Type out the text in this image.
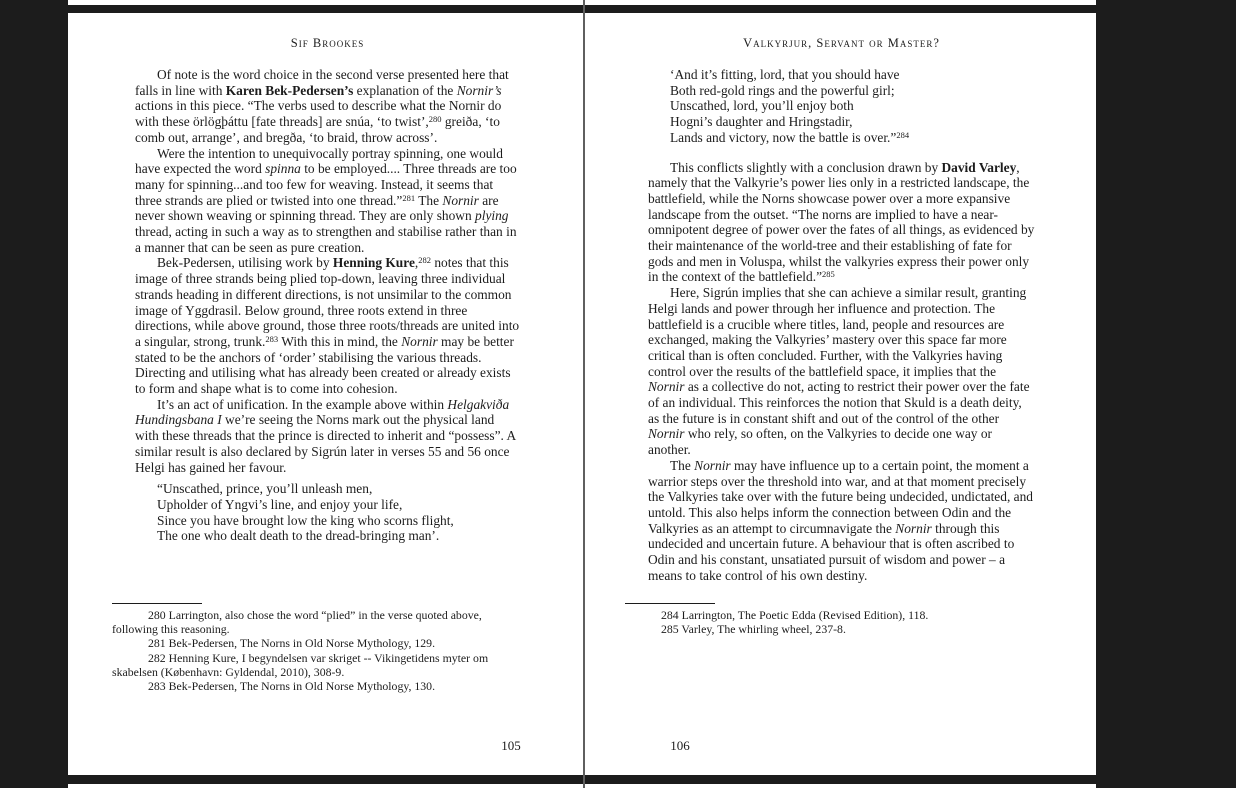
Sif Brookes	Valkyrjur, Servant or Master?

Of note is the word choice in the second verse presented here that falls in line with Karen Bek-Pedersen’s explanation of the Nornir’s actions in this piece. “The verbs used to describe what the Nornir do with these örlögþáttu [fate threads] are snúa, ‘to twist’,$^{280}$ greiða, ‘to comb out, arrange’, and bregða, ‘to braid, throw across’.

Were the intention to unequivocally portray spinning, one would have expected the word spinna to be employed.... Three threads are too many for spinning...and too few for weaving. Instead, it seems that three strands are plied or twisted into one thread.”$^{281}$ The Nornir are never shown weaving or spinning thread. They are only shown plying thread, acting in such a way as to strengthen and stabilise rather than in a manner that can be seen as pure creation.

Bek-Pedersen, utilising work by Henning Kure,$^{282}$ notes that this image of three strands being plied top-down, leaving three individual strands heading in different directions, is not unsimilar to the common image of Yggdrasil. Below ground, three roots extend in three directions, while above ground, those three roots/threads are united into a singular, strong, trunk.$^{283}$ With this in mind, the Nornir may be better stated to be the anchors of ‘order’ stabilising the various threads. Directing and utilising what has already been created or already exists to form and shape what is to come into cohesion.

It’s an act of unification. In the example above within Helgakviða Hundingsbana I we’re seeing the Norns mark out the physical land with these threads that the prince is directed to inherit and “possess”. A similar result is also declared by Sigrún later in verses 55 and 56 once Helgi has gained her favour.

“Unscathed, prince, you’ll unleash men,
Upholder of Yngvi’s line, and enjoy your life,
Since you have brought low the king who scorns flight,
The one who dealt death to the dread-bringing man’.
‘And it’s fitting, lord, that you should have
Both red-gold rings and the powerful girl;
Unscathed, lord, you’ll enjoy both
Hogni’s daughter and Hringstadir,
Lands and victory, now the battle is over.”$^{284}$

This conflicts slightly with a conclusion drawn by David Varley, namely that the Valkyrie’s power lies only in a restricted landscape, the battlefield, while the Norns showcase power over a more expansive landscape from the outset. “The norns are implied to have a near-omnipotent degree of power over the fates of all things, as evidenced by their maintenance of the world-tree and their establishing of fate for gods and men in Voluspa, whilst the valkyries express their power only in the context of the battlefield.”$^{285}$

Here, Sigrún implies that she can achieve a similar result, granting Helgi lands and power through her influence and protection. The battlefield is a crucible where titles, land, people and resources are exchanged, making the Valkyries’ mastery over this space far more critical than is often concluded. Further, with the Valkyries having control over the results of the battlefield space, it implies that the Nornir as a collective do not, acting to restrict their power over the fate of an individual. This reinforces the notion that Skuld is a death deity, as the future is in constant shift and out of the control of the other Nornir who rely, so often, on the Valkyries to decide one way or another.

The Nornir may have influence up to a certain point, the moment a warrior steps over the threshold into war, and at that moment precisely the Valkyries take over with the future being undecided, undictated, and untold. This also helps inform the connection between Odin and the Valkyries as an attempt to circumnavigate the Nornir through this undecided and uncertain future. A behaviour that is often ascribed to Odin and his constant, unsatiated pursuit of wisdom and power – a means to take control of his own destiny.

280 Larrington, also chose the word “plied” in the verse quoted above, following this reasoning.

281 Bek-Pedersen, The Norns in Old Norse Mythology, 129.

282 Henning Kure, I begyndelsen var skriget -- Vikingetidens myter om skabelsen (København: Gyldendal, 2010), 308-9.

283 Bek-Pedersen, The Norns in Old Norse Mythology, 130.

284 Larrington, The Poetic Edda (Revised Edition), 118.

285 Varley, The whirling wheel, 237-8.

105	106
